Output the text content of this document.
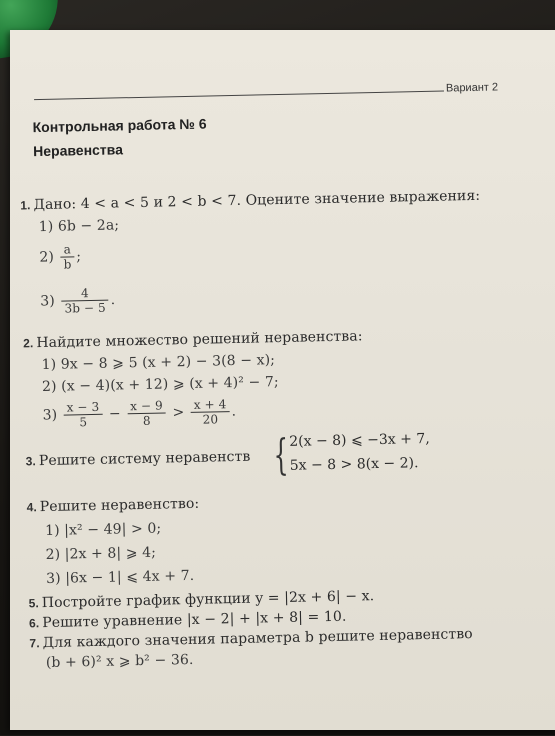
Вариант 2
Контрольная работа № 6
Неравенства
1. Дано: 4 < a < 5 и 2 < b < 7. Оцените значение выражения:
1) 6b − 2a;
$2) \frac{a}{b}$ ;
$3) \frac{4}{3b - 5}$ .
2. Найдите множество решений неравенства:
1) 9x − 8 ⩾ 5 (x + 2) − 3(8 − x);
2) (x − 4)(x + 12) ⩾ (x + 4)² − 7;
$3) \frac{x - 3}{5} - \frac{x - 9}{8} > \frac{x + 4}{20}$ .
3. Решите систему неравенств { 2(x − 8) ⩽ −3x + 7,
5x − 8 > 8(x − 2).
4. Решите неравенство:
1) |x² − 49| > 0;
2) |2x + 8| ⩾ 4;
3) |6x − 1| ⩽ 4x + 7.
5. Постройте график функции y = |2x + 6| − x.
6. Решите уравнение |x − 2| + |x + 8| = 10.
7. Для каждого значения параметра b решите неравенство
(b + 6)² x ⩾ b² − 36.
